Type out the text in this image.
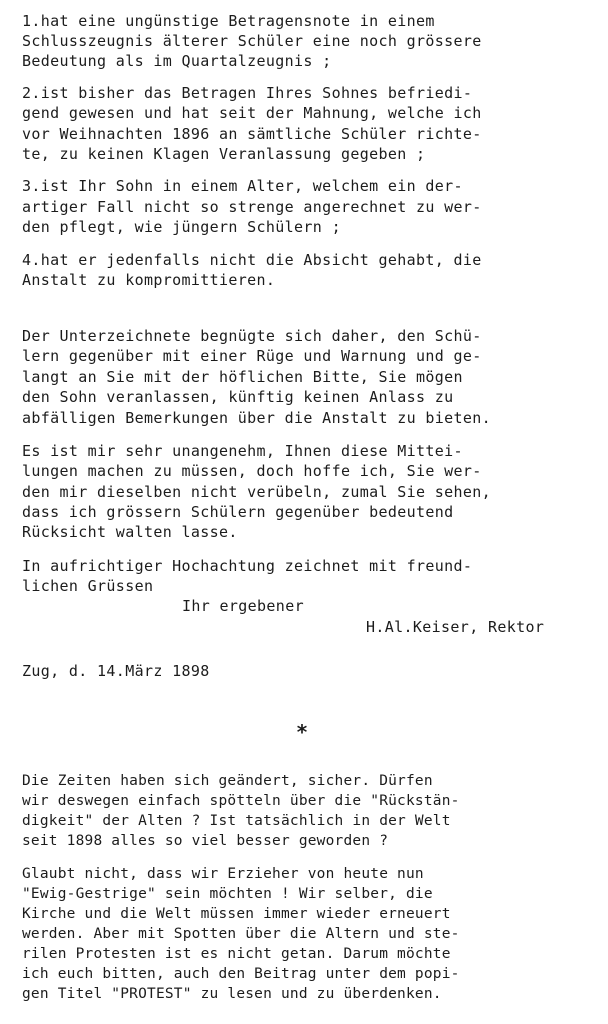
1.hat eine ungünstige Betragensnote in einem
Schlusszeugnis älterer Schüler eine noch grössere
Bedeutung als im Quartalzeugnis ;
2.ist bisher das Betragen Ihres Sohnes befriedi-
gend gewesen und hat seit der Mahnung, welche ich
vor Weihnachten 1896 an sämtliche Schüler richte-
te, zu keinen Klagen Veranlassung gegeben ;
3.ist Ihr Sohn in einem Alter, welchem ein der-
artiger Fall nicht so strenge angerechnet zu wer-
den pflegt, wie jüngern Schülern ;
4.hat er jedenfalls nicht die Absicht gehabt, die
Anstalt zu kompromittieren.
Der Unterzeichnete begnügte sich daher, den Schü-
lern gegenüber mit einer Rüge und Warnung und ge-
langt an Sie mit der höflichen Bitte, Sie mögen
den Sohn veranlassen, künftig keinen Anlass zu
abfälligen Bemerkungen über die Anstalt zu bieten.
Es ist mir sehr unangenehm, Ihnen diese Mittei-
lungen machen zu müssen, doch hoffe ich, Sie wer-
den mir dieselben nicht verübeln, zumal Sie sehen,
dass ich grössern Schülern gegenüber bedeutend
Rücksicht walten lasse.
In aufrichtiger Hochachtung zeichnet mit freund-
lichen Grüssen
Ihr ergebener
H.Al.Keiser, Rektor
Zug, d. 14.März 1898
*
Die Zeiten haben sich geändert, sicher. Dürfen
wir deswegen einfach spötteln über die "Rückstän-
digkeit" der Alten ? Ist tatsächlich in der Welt
seit 1898 alles so viel besser geworden ?
Glaubt nicht, dass wir Erzieher von heute nun
"Ewig-Gestrige" sein möchten ! Wir selber, die
Kirche und die Welt müssen immer wieder erneuert
werden. Aber mit Spotten über die Altern und ste-
rilen Protesten ist es nicht getan. Darum möchte
ich euch bitten, auch den Beitrag unter dem popi-
gen Titel "PROTEST" zu lesen und zu überdenken.
